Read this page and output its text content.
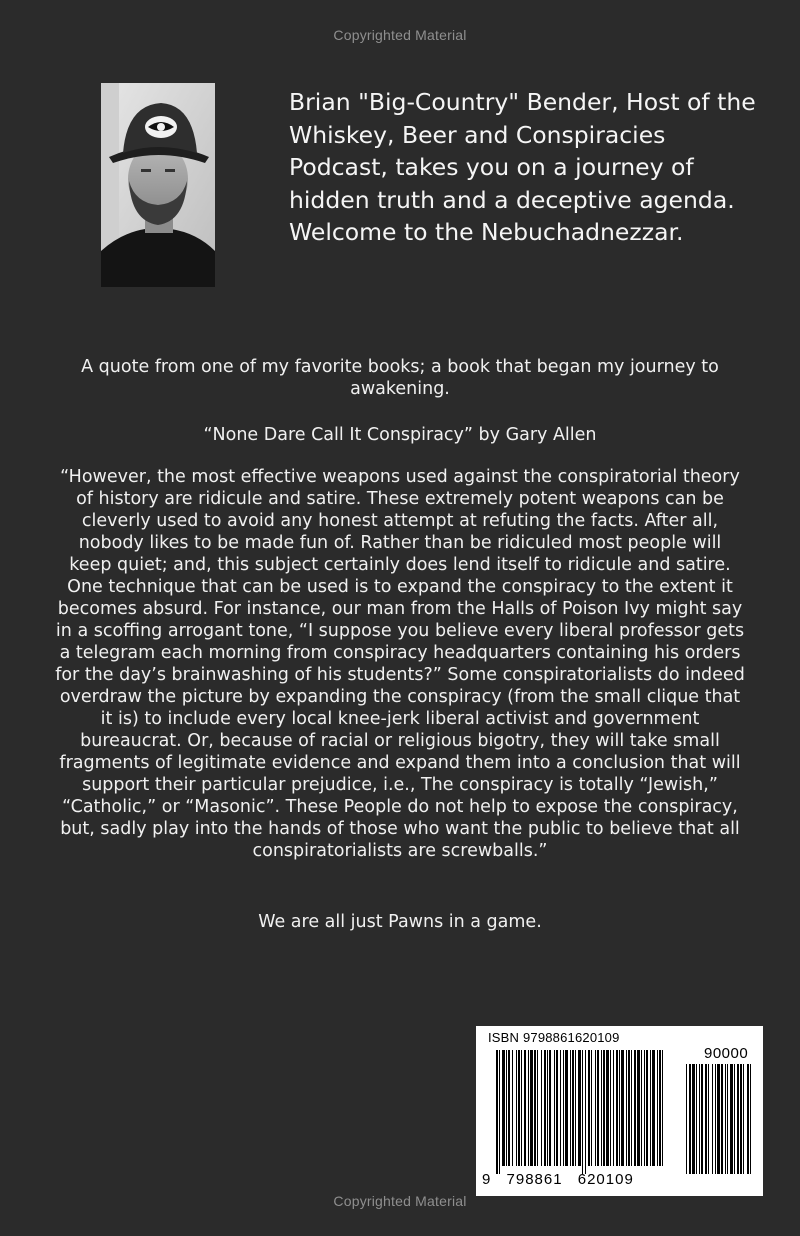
Copyrighted Material

Brian "Big-Country" Bender, Host of the Whiskey, Beer and Conspiracies Podcast, takes you on a journey of hidden truth and a deceptive agenda. Welcome to the Nebuchadnezzar.

A quote from one of my favorite books; a book that began my journey to awakening.

“None Dare Call It Conspiracy” by Gary Allen

“However, the most effective weapons used against the conspiratorial theory of history are ridicule and satire. These extremely potent weapons can be cleverly used to avoid any honest attempt at refuting the facts. After all, nobody likes to be made fun of. Rather than be ridiculed most people will keep quiet; and, this subject certainly does lend itself to ridicule and satire. One technique that can be used is to expand the conspiracy to the extent it becomes absurd. For instance, our man from the Halls of Poison Ivy might say in a scoffing arrogant tone, “I suppose you believe every liberal professor gets a telegram each morning from conspiracy headquarters containing his orders for the day’s brainwashing of his students?” Some conspiratorialists do indeed overdraw the picture by expanding the conspiracy (from the small clique that it is) to include every local knee-jerk liberal activist and government bureaucrat. Or, because of racial or religious bigotry, they will take small fragments of legitimate evidence and expand them into a conclusion that will support their particular prejudice, i.e., The conspiracy is totally “Jewish,” “Catholic,” or “Masonic”. These People do not help to expose the conspiracy, but, sadly play into the hands of those who want the public to believe that all conspiratorialists are screwballs.”

We are all just Pawns in a game.

ISBN 9798861620109
90000
9 798861 620109
Copyrighted Material
